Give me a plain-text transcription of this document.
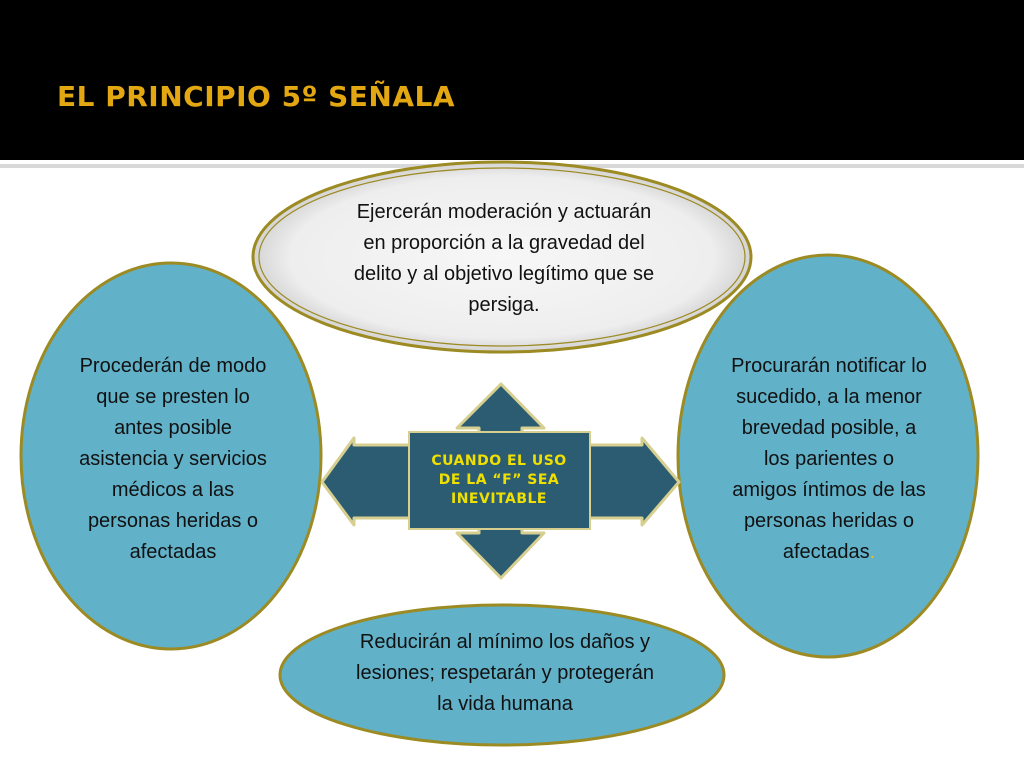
EL PRINCIPIO 5º SEÑALA
Ejercerán moderación y actuarán en proporción a la gravedad del delito y al objetivo legítimo que se persiga.
Procederán de modo que se presten lo antes posible asistencia y servicios médicos a las personas heridas o afectadas
Procurarán notificar lo sucedido, a la menor brevedad posible, a los parientes o amigos íntimos de las personas heridas o afectadas.
Reducirán al mínimo los daños y lesiones; respetarán y protegerán la vida humana
CUANDO EL USO DE LA “F” SEA INEVITABLE
